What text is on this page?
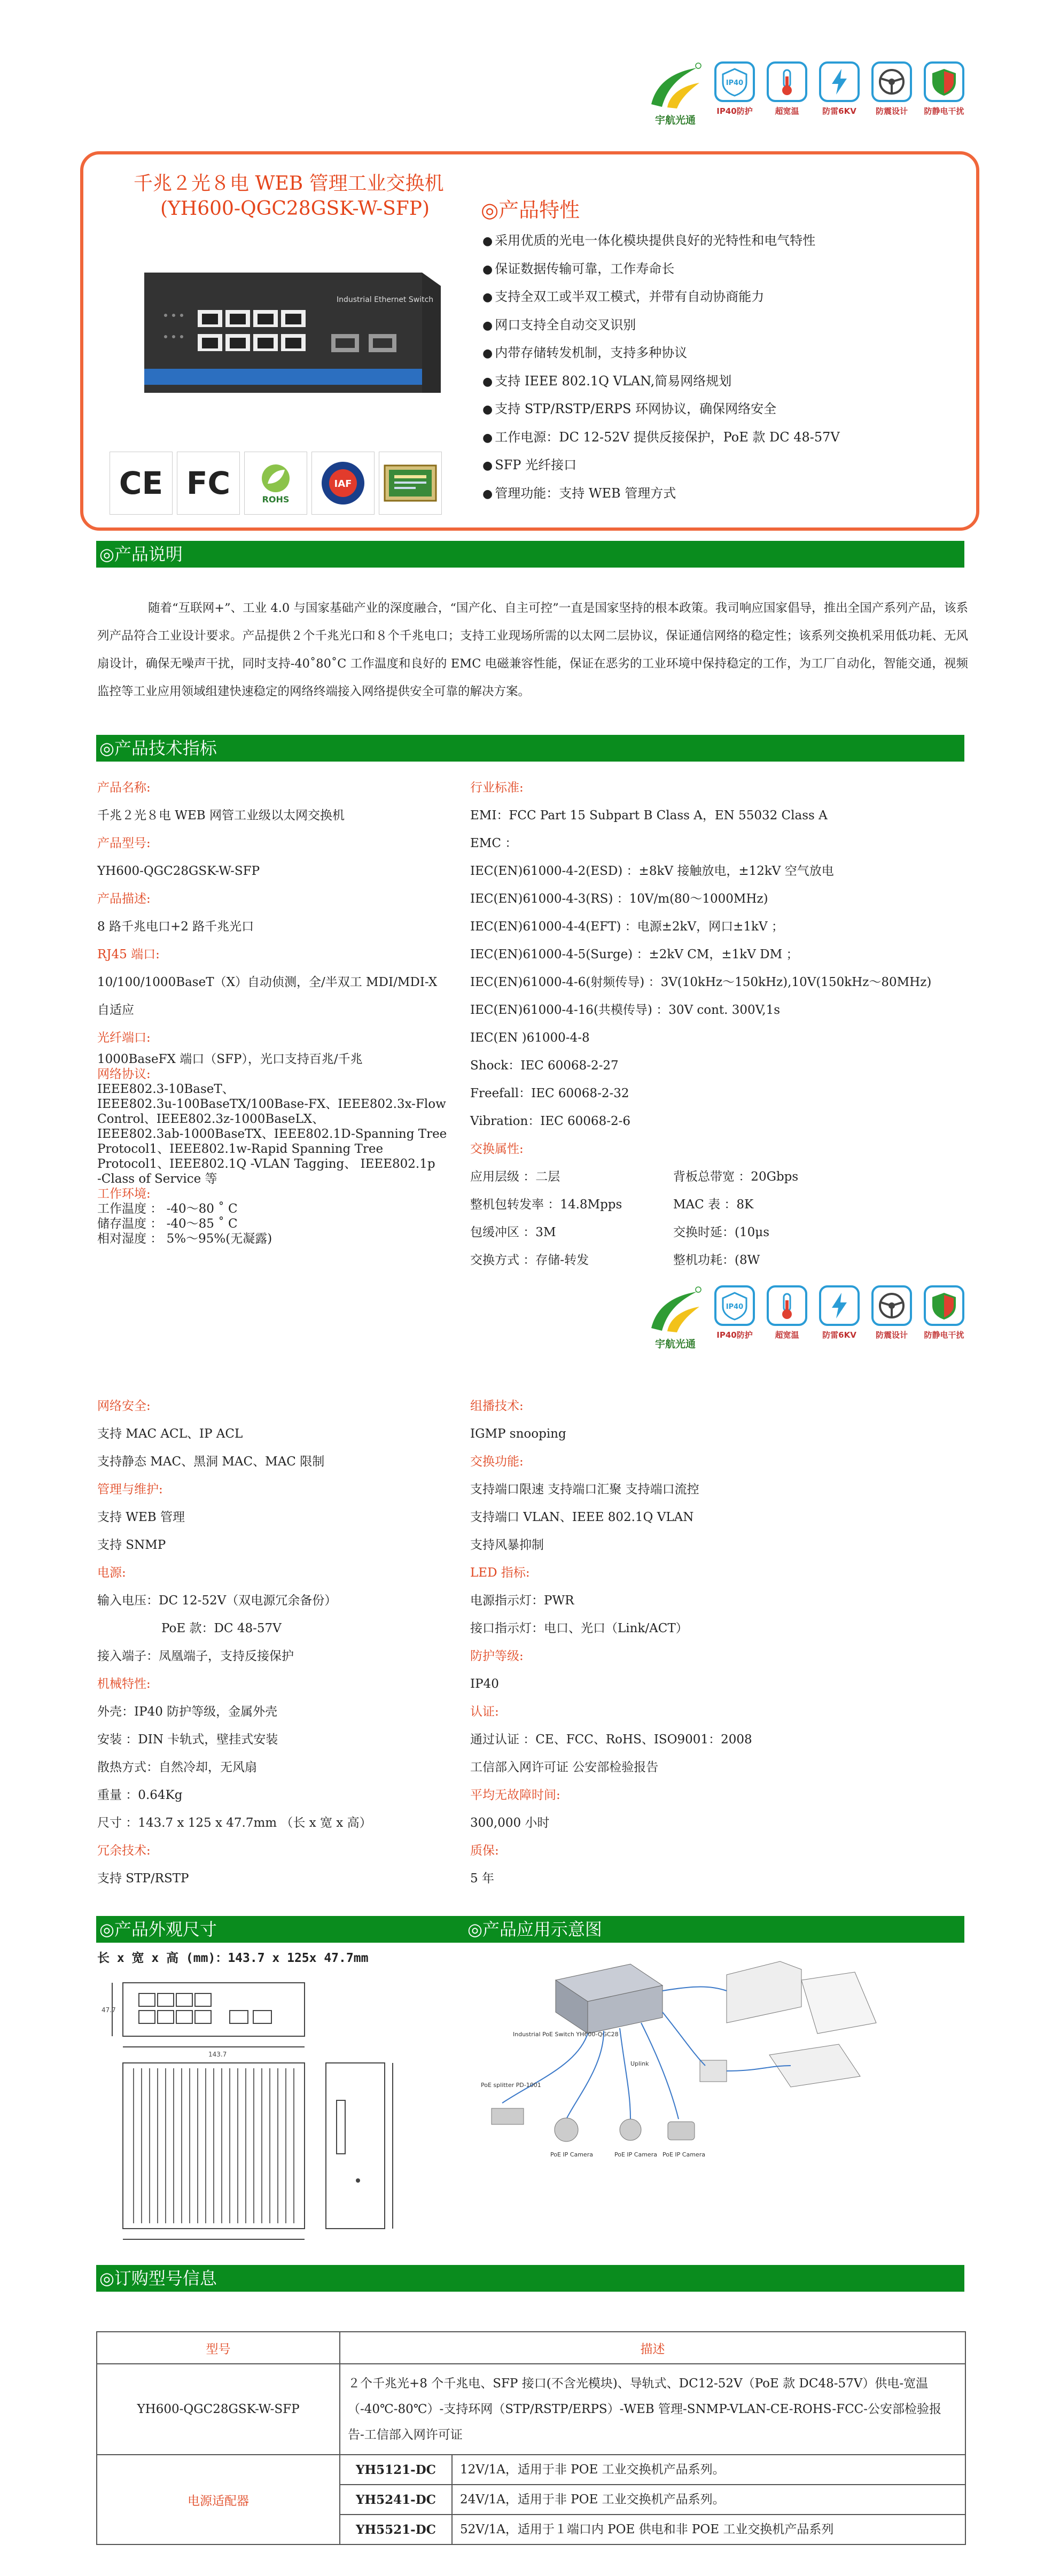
宇航光通
IP40
IP40防护	超宽温	防雷6KV	防震设计	防静电干扰
千兆２光８电 WEB 管理工业交换机
(YH600-QGC28GSK-W-SFP)
Industrial Ethernet Switch
CE FC	ROHS
IAF
◎产品特性
● 采用优质的光电一体化模块提供良好的光特性和电气特性
● 保证数据传输可靠，工作寿命长
● 支持全双工或半双工模式，并带有自动协商能力
● 网口支持全自动交叉识别
● 内带存储转发机制，支持多种协议
● 支持 IEEE 802.1Q VLAN,简易网络规划
● 支持 STP/RSTP/ERPS 环网协议，确保网络安全
● 工作电源：DC 12-52V 提供反接保护，PoE 款 DC 48-57V
● SFP 光纤接口
● 管理功能：支持 WEB 管理方式
◎产品说明
随着“互联网+”、工业 4.0 与国家基础产业的深度融合，“国产化、自主可控”一直是国家坚持的根本政策。我司响应国家倡导，推出全国产系列产品，该系列产品符合工业设计要求。产品提供２个千兆光口和８个千兆电口；支持工业现场所需的以太网二层协议，保证通信网络的稳定性；该系列交换机采用低功耗、无风扇设计，确保无噪声干扰，同时支持-40˚80˚C 工作温度和良好的 EMC 电磁兼容性能，保证在恶劣的工业环境中保持稳定的工作，为工厂自动化，智能交通，视频监控等工业应用领域组建快速稳定的网络终端接入网络提供安全可靠的解决方案。
◎产品技术指标
产品名称:
千兆２光８电 WEB 网管工业级以太网交换机
产品型号:
YH600-QGC28GSK-W-SFP
产品描述:
8 路千兆电口+2 路千兆光口
RJ45 端口:
10/100/1000BaseT（X）自动侦测，全/半双工 MDI/MDI-X
自适应
光纤端口:
1000BaseFX 端口（SFP），光口支持百兆/千兆
网络协议:
IEEE802.3-10BaseT、
IEEE802.3u-100BaseTX/100Base-FX、IEEE802.3x-Flow
Control、IEEE802.3z-1000BaseLX、
IEEE802.3ab-1000BaseTX、IEEE802.1D-Spanning Tree
Protocol1、IEEE802.1w-Rapid Spanning Tree
Protocol1、IEEE802.1Q -VLAN Tagging、 IEEE802.1p
-Class of Service 等
工作环境:
工作温度 ： -40～80 ˚ C
储存温度 ： -40～85 ˚ C
相对湿度 ： 5%～95%(无凝露)
行业标准:
EMI：FCC Part 15 Subpart B Class A，EN 55032 Class A
EMC ：
IEC(EN)61000-4-2(ESD) ：±8kV 接触放电，±12kV 空气放电
IEC(EN)61000-4-3(RS) ：10V/m(80～1000MHz)
IEC(EN)61000-4-4(EFT) ：电源±2kV，网口±1kV ；
IEC(EN)61000-4-5(Surge) ：±2kV CM，±1kV DM ；
IEC(EN)61000-4-6(射频传导) ：3V(10kHz～150kHz),10V(150kHz～80MHz)
IEC(EN)61000-4-16(共模传导) ：30V cont. 300V,1s
IEC(EN )61000-4-8
Shock：IEC 60068-2-27
Freefall：IEC 60068-2-32
Vibration：IEC 60068-2-6
交换属性:
应用层级 ：二层	背板总带宽 ：20Gbps
整机包转发率 ：14.8Mpps	MAC 表 ：8K
包缓冲区 ：3M	交换时延：(10μs
交换方式 ：存储-转发	整机功耗：(8W
宇航光通
IP40
IP40防护	超宽温	防雷6KV	防震设计	防静电干扰
网络安全:
支持 MAC ACL、IP ACL
支持静态 MAC、黑洞 MAC、MAC 限制
管理与维护:
支持 WEB 管理
支持 SNMP
电源:
输入电压：DC 12-52V（双电源冗余备份）
PoE 款：DC 48-57V
接入端子：凤凰端子，支持反接保护
机械特性:
外壳：IP40 防护等级，金属外壳
安装 ：DIN 卡轨式，壁挂式安装
散热方式：自然冷却，无风扇
重量 ：0.64Kg
尺寸 ：143.7 x 125 x 47.7mm （长 x 宽 x 高）
冗余技术:
支持 STP/RSTP
组播技术:
IGMP snooping
交换功能:
支持端口限速 支持端口汇聚 支持端口流控
支持端口 VLAN、IEEE 802.1Q VLAN
支持风暴抑制
LED 指标:
电源指示灯：PWR
接口指示灯：电口、光口（Link/ACT）
防护等级:
IP40
认证:
通过认证 ：CE、FCC、RoHS、ISO9001：2008
工信部入网许可证 公安部检验报告
平均无故障时间:
300,000 小时
质保:
5 年
◎产品外观尺寸	◎产品应用示意图
长 x 宽 x 高 (mm)：143.7 x 125x 47.7mm
143.7
47.7
Industrial PoE Switch YH600-QGC28
Uplink
PoE splitter PD-1001
PoE IP Camera	PoE IP Camera PoE IP Camera
◎订购型号信息
型号	描述	
YH600-QGC28GSK-W-SFP	２个千兆光+8 个千兆电、SFP 接口(不含光模块)、导轨式、DC12-52V（PoE 款 DC48-57V）供电-宽温（-40℃-80℃）-支持环网（STP/RSTP/ERPS）-WEB 管理-SNMP-VLAN-CE-ROHS-FCC-公安部检验报告-工信部入网许可证	
电源适配器	YH5121-DC	12V/1A，适用于非 POE 工业交换机产品系列。
	YH5241-DC	24V/1A，适用于非 POE 工业交换机产品系列。
	YH5521-DC	52V/1A，适用于１端口内 POE 供电和非 POE 工业交换机产品系列
